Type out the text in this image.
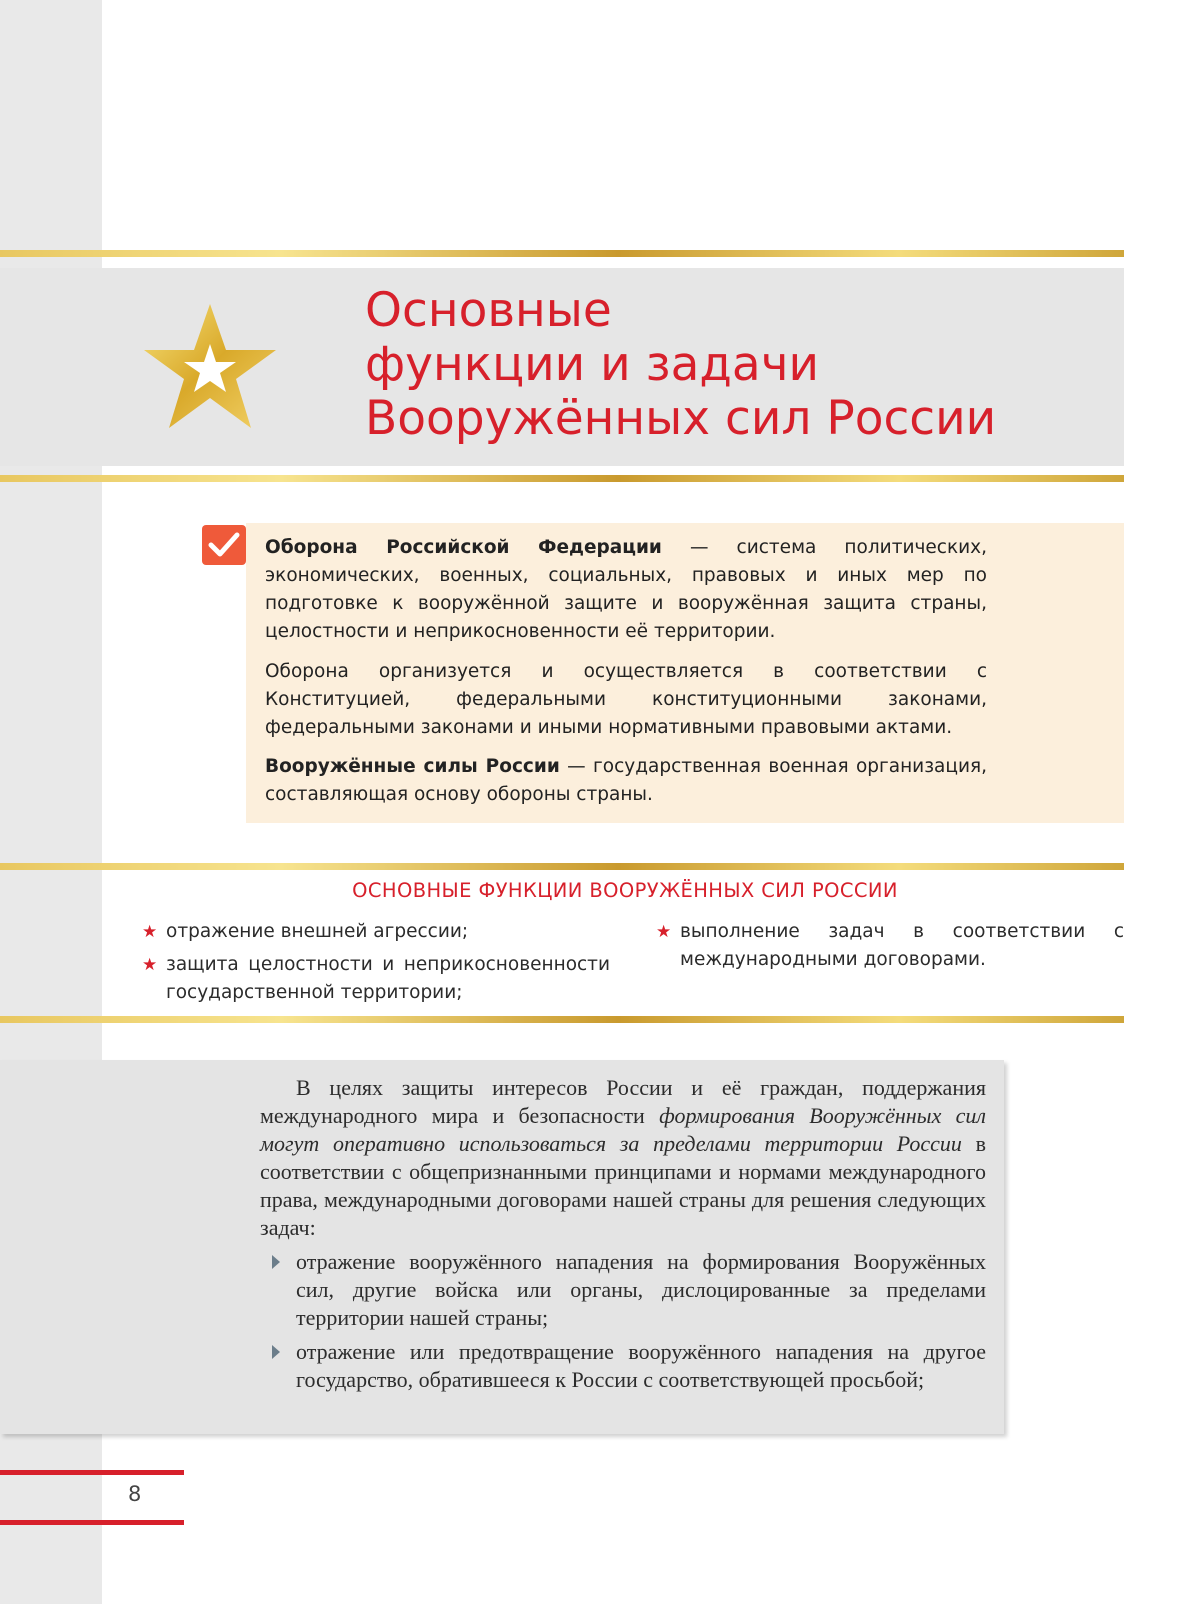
Основные
функции и задачи
Вооружённых сил России

Оборона Российской Федерации — система политических, экономических, военных, социальных, правовых и иных мер по подготовке к вооружённой защите и вооружённая защита страны, целостности и неприкосновенности её территории.

Оборона организуется и осуществляется в соответствии с Конституцией, федеральными конституционными законами, федеральными законами и иными нормативными правовыми актами.

Вооружённые силы России — государственная военная организация, составляющая основу обороны страны.

ОСНОВНЫЕ ФУНКЦИИ ВООРУЖЁННЫХ СИЛ РОССИИ
★ отражение внешней агрессии;
★ защита целостности и неприкосновенности государственной территории;
★ выполнение задач в соответствии с международными договорами.

В целях защиты интересов России и её граждан, поддержания международного мира и безопасности формирования Вооружённых сил могут оперативно использоваться за пределами территории России в соответствии с общепризнанными принципами и нормами международного права, международными договорами нашей страны для решения следующих задач:

отражение вооружённого нападения на формирования Вооружённых сил, другие войска или органы, дислоцированные за пределами территории нашей страны;

отражение или предотвращение вооружённого нападения на другое государство, обратившееся к России с соответствующей просьбой;

8
